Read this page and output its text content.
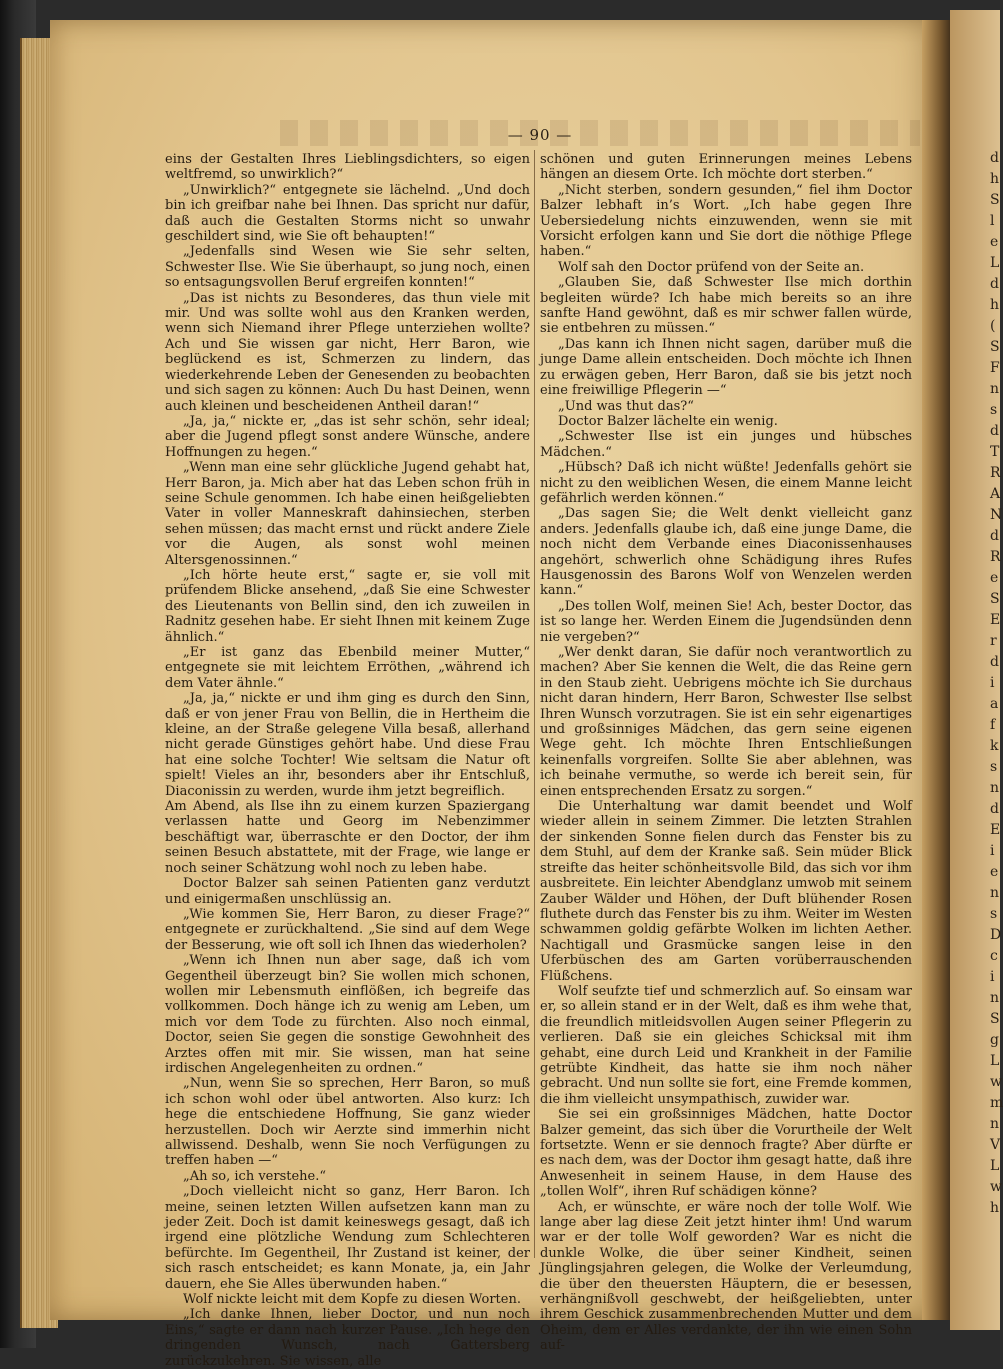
— 90 —

eins der Gestalten Ihres Lieblingsdichters, so eigen weltfremd, so unwirklich?“

„Unwirklich?“ entgegnete sie lächelnd. „Und doch bin ich greifbar nahe bei Ihnen. Das spricht nur dafür, daß auch die Gestalten Storms nicht so unwahr geschildert sind, wie Sie oft behaupten!“

„Jedenfalls sind Wesen wie Sie sehr selten, Schwester Ilse. Wie Sie überhaupt, so jung noch, einen so entsagungsvollen Beruf ergreifen konnten!“

„Das ist nichts zu Besonderes, das thun viele mit mir. Und was sollte wohl aus den Kranken werden, wenn sich Niemand ihrer Pflege unterziehen wollte? Ach und Sie wissen gar nicht, Herr Baron, wie beglückend es ist, Schmerzen zu lindern, das wiederkehrende Leben der Genesenden zu beobachten und sich sagen zu können: Auch Du hast Deinen, wenn auch kleinen und bescheidenen Antheil daran!“

„Ja, ja,“ nickte er, „das ist sehr schön, sehr ideal; aber die Jugend pflegt sonst andere Wünsche, andere Hoffnungen zu hegen.“

„Wenn man eine sehr glückliche Jugend gehabt hat, Herr Baron, ja. Mich aber hat das Leben schon früh in seine Schule genommen. Ich habe einen heißgeliebten Vater in voller Manneskraft dahinsiechen, sterben sehen müssen; das macht ernst und rückt andere Ziele vor die Augen, als sonst wohl meinen Altersgenossinnen.“

„Ich hörte heute erst,“ sagte er, sie voll mit prüfendem Blicke ansehend, „daß Sie eine Schwester des Lieutenants von Bellin sind, den ich zuweilen in Radnitz gesehen habe. Er sieht Ihnen mit keinem Zuge ähnlich.“

„Er ist ganz das Ebenbild meiner Mutter,“ entgegnete sie mit leichtem Erröthen, „während ich dem Vater ähnle.“

„Ja, ja,“ nickte er und ihm ging es durch den Sinn, daß er von jener Frau von Bellin, die in Hertheim die kleine, an der Straße gelegene Villa besaß, allerhand nicht gerade Günstiges gehört habe. Und diese Frau hat eine solche Tochter! Wie seltsam die Natur oft spielt! Vieles an ihr, besonders aber ihr Entschluß, Diaconissin zu werden, wurde ihm jetzt begreiflich.

Am Abend, als Ilse ihn zu einem kurzen Spaziergang verlassen hatte und Georg im Nebenzimmer beschäftigt war, überraschte er den Doctor, der ihm seinen Besuch abstattete, mit der Frage, wie lange er noch seiner Schätzung wohl noch zu leben habe.

Doctor Balzer sah seinen Patienten ganz verdutzt und einigermaßen unschlüssig an.

„Wie kommen Sie, Herr Baron, zu dieser Frage?“ entgegnete er zurückhaltend. „Sie sind auf dem Wege der Besserung, wie oft soll ich Ihnen das wiederholen?

„Wenn ich Ihnen nun aber sage, daß ich vom Gegentheil überzeugt bin? Sie wollen mich schonen, wollen mir Lebensmuth einflößen, ich begreife das vollkommen. Doch hänge ich zu wenig am Leben, um mich vor dem Tode zu fürchten. Also noch einmal, Doctor, seien Sie gegen die sonstige Gewohnheit des Arztes offen mit mir. Sie wissen, man hat seine irdischen Angelegenheiten zu ordnen.“

„Nun, wenn Sie so sprechen, Herr Baron, so muß ich schon wohl oder übel antworten. Also kurz: Ich hege die entschiedene Hoffnung, Sie ganz wieder herzustellen. Doch wir Aerzte sind immerhin nicht allwissend. Deshalb, wenn Sie noch Verfügungen zu treffen haben —“

„Ah so, ich verstehe.“

„Doch vielleicht nicht so ganz, Herr Baron. Ich meine, seinen letzten Willen aufsetzen kann man zu jeder Zeit. Doch ist damit keineswegs gesagt, daß ich irgend eine plötzliche Wendung zum Schlechteren befürchte. Im Gegentheil, Ihr Zustand ist keiner, der sich rasch entscheidet; es kann Monate, ja, ein Jahr dauern, ehe Sie Alles überwunden haben.“

Wolf nickte leicht mit dem Kopfe zu diesen Worten.

„Ich danke Ihnen, lieber Doctor, und nun noch Eins,“ sagte er dann nach kurzer Pause. „Ich hege den dringenden Wunsch, nach Gattersberg zurückzukehren. Sie wissen, alle

schönen und guten Erinnerungen meines Lebens hängen an diesem Orte. Ich möchte dort sterben.“

„Nicht sterben, sondern gesunden,“ fiel ihm Doctor Balzer lebhaft in’s Wort. „Ich habe gegen Ihre Uebersiedelung nichts einzuwenden, wenn sie mit Vorsicht erfolgen kann und Sie dort die nöthige Pflege haben.“

Wolf sah den Doctor prüfend von der Seite an.

„Glauben Sie, daß Schwester Ilse mich dorthin begleiten würde? Ich habe mich bereits so an ihre sanfte Hand gewöhnt, daß es mir schwer fallen würde, sie entbehren zu müssen.“

„Das kann ich Ihnen nicht sagen, darüber muß die junge Dame allein entscheiden. Doch möchte ich Ihnen zu erwägen geben, Herr Baron, daß sie bis jetzt noch eine freiwillige Pflegerin —“

„Und was thut das?“

Doctor Balzer lächelte ein wenig.

„Schwester Ilse ist ein junges und hübsches Mädchen.“

„Hübsch? Daß ich nicht wüßte! Jedenfalls gehört sie nicht zu den weiblichen Wesen, die einem Manne leicht gefährlich werden können.“

„Das sagen Sie; die Welt denkt vielleicht ganz anders. Jedenfalls glaube ich, daß eine junge Dame, die noch nicht dem Verbande eines Diaconissenhauses angehört, schwerlich ohne Schädigung ihres Rufes Hausgenossin des Barons Wolf von Wenzelen werden kann.“

„Des tollen Wolf, meinen Sie! Ach, bester Doctor, das ist so lange her. Werden Einem die Jugendsünden denn nie vergeben?“

„Wer denkt daran, Sie dafür noch verantwortlich zu machen? Aber Sie kennen die Welt, die das Reine gern in den Staub zieht. Uebrigens möchte ich Sie durchaus nicht daran hindern, Herr Baron, Schwester Ilse selbst Ihren Wunsch vorzutragen. Sie ist ein sehr eigenartiges und großsinniges Mädchen, das gern seine eigenen Wege geht. Ich möchte Ihren Entschließungen keinenfalls vorgreifen. Sollte Sie aber ablehnen, was ich beinahe vermuthe, so werde ich bereit sein, für einen entsprechenden Ersatz zu sorgen.“

Die Unterhaltung war damit beendet und Wolf wieder allein in seinem Zimmer. Die letzten Strahlen der sinkenden Sonne fielen durch das Fenster bis zu dem Stuhl, auf dem der Kranke saß. Sein müder Blick streifte das heiter schönheitsvolle Bild, das sich vor ihm ausbreitete. Ein leichter Abendglanz umwob mit seinem Zauber Wälder und Höhen, der Duft blühender Rosen fluthete durch das Fenster bis zu ihm. Weiter im Westen schwammen goldig gefärbte Wolken im lichten Aether. Nachtigall und Grasmücke sangen leise in den Uferbüschen des am Garten vorüberrauschenden Flüßchens.

Wolf seufzte tief und schmerzlich auf. So einsam war er, so allein stand er in der Welt, daß es ihm wehe that, die freundlich mitleidsvollen Augen seiner Pflegerin zu verlieren. Daß sie ein gleiches Schicksal mit ihm gehabt, eine durch Leid und Krankheit in der Familie getrübte Kindheit, das hatte sie ihm noch näher gebracht. Und nun sollte sie fort, eine Fremde kommen, die ihm vielleicht unsympathisch, zuwider war.

Sie sei ein großsinniges Mädchen, hatte Doctor Balzer gemeint, das sich über die Vorurtheile der Welt fortsetzte. Wenn er sie dennoch fragte? Aber dürfte er es nach dem, was der Doctor ihm gesagt hatte, daß ihre Anwesenheit in seinem Hause, in dem Hause des „tollen Wolf“, ihren Ruf schädigen könne?

Ach, er wünschte, er wäre noch der tolle Wolf. Wie lange aber lag diese Zeit jetzt hinter ihm! Und warum war er der tolle Wolf geworden? War es nicht die dunkle Wolke, die über seiner Kindheit, seinen Jünglingsjahren gelegen, die Wolke der Verleumdung, die über den theuersten Häuptern, die er besessen, verhängnißvoll geschwebt, der heißgeliebten, unter ihrem Geschick zusammenbrechenden Mutter und dem Oheim, dem er Alles verdankte, der ihn wie einen Sohn auf-

d
h
S
l
e
L
d
h
(
S
F
n
s
d
T
R
A
N
d
R
e
S
E
r
d
i
a
f
k
s
n
d
E
i
e
n
s
D
c
i
n
S
g
L
w
m
n
V
L
w
h
